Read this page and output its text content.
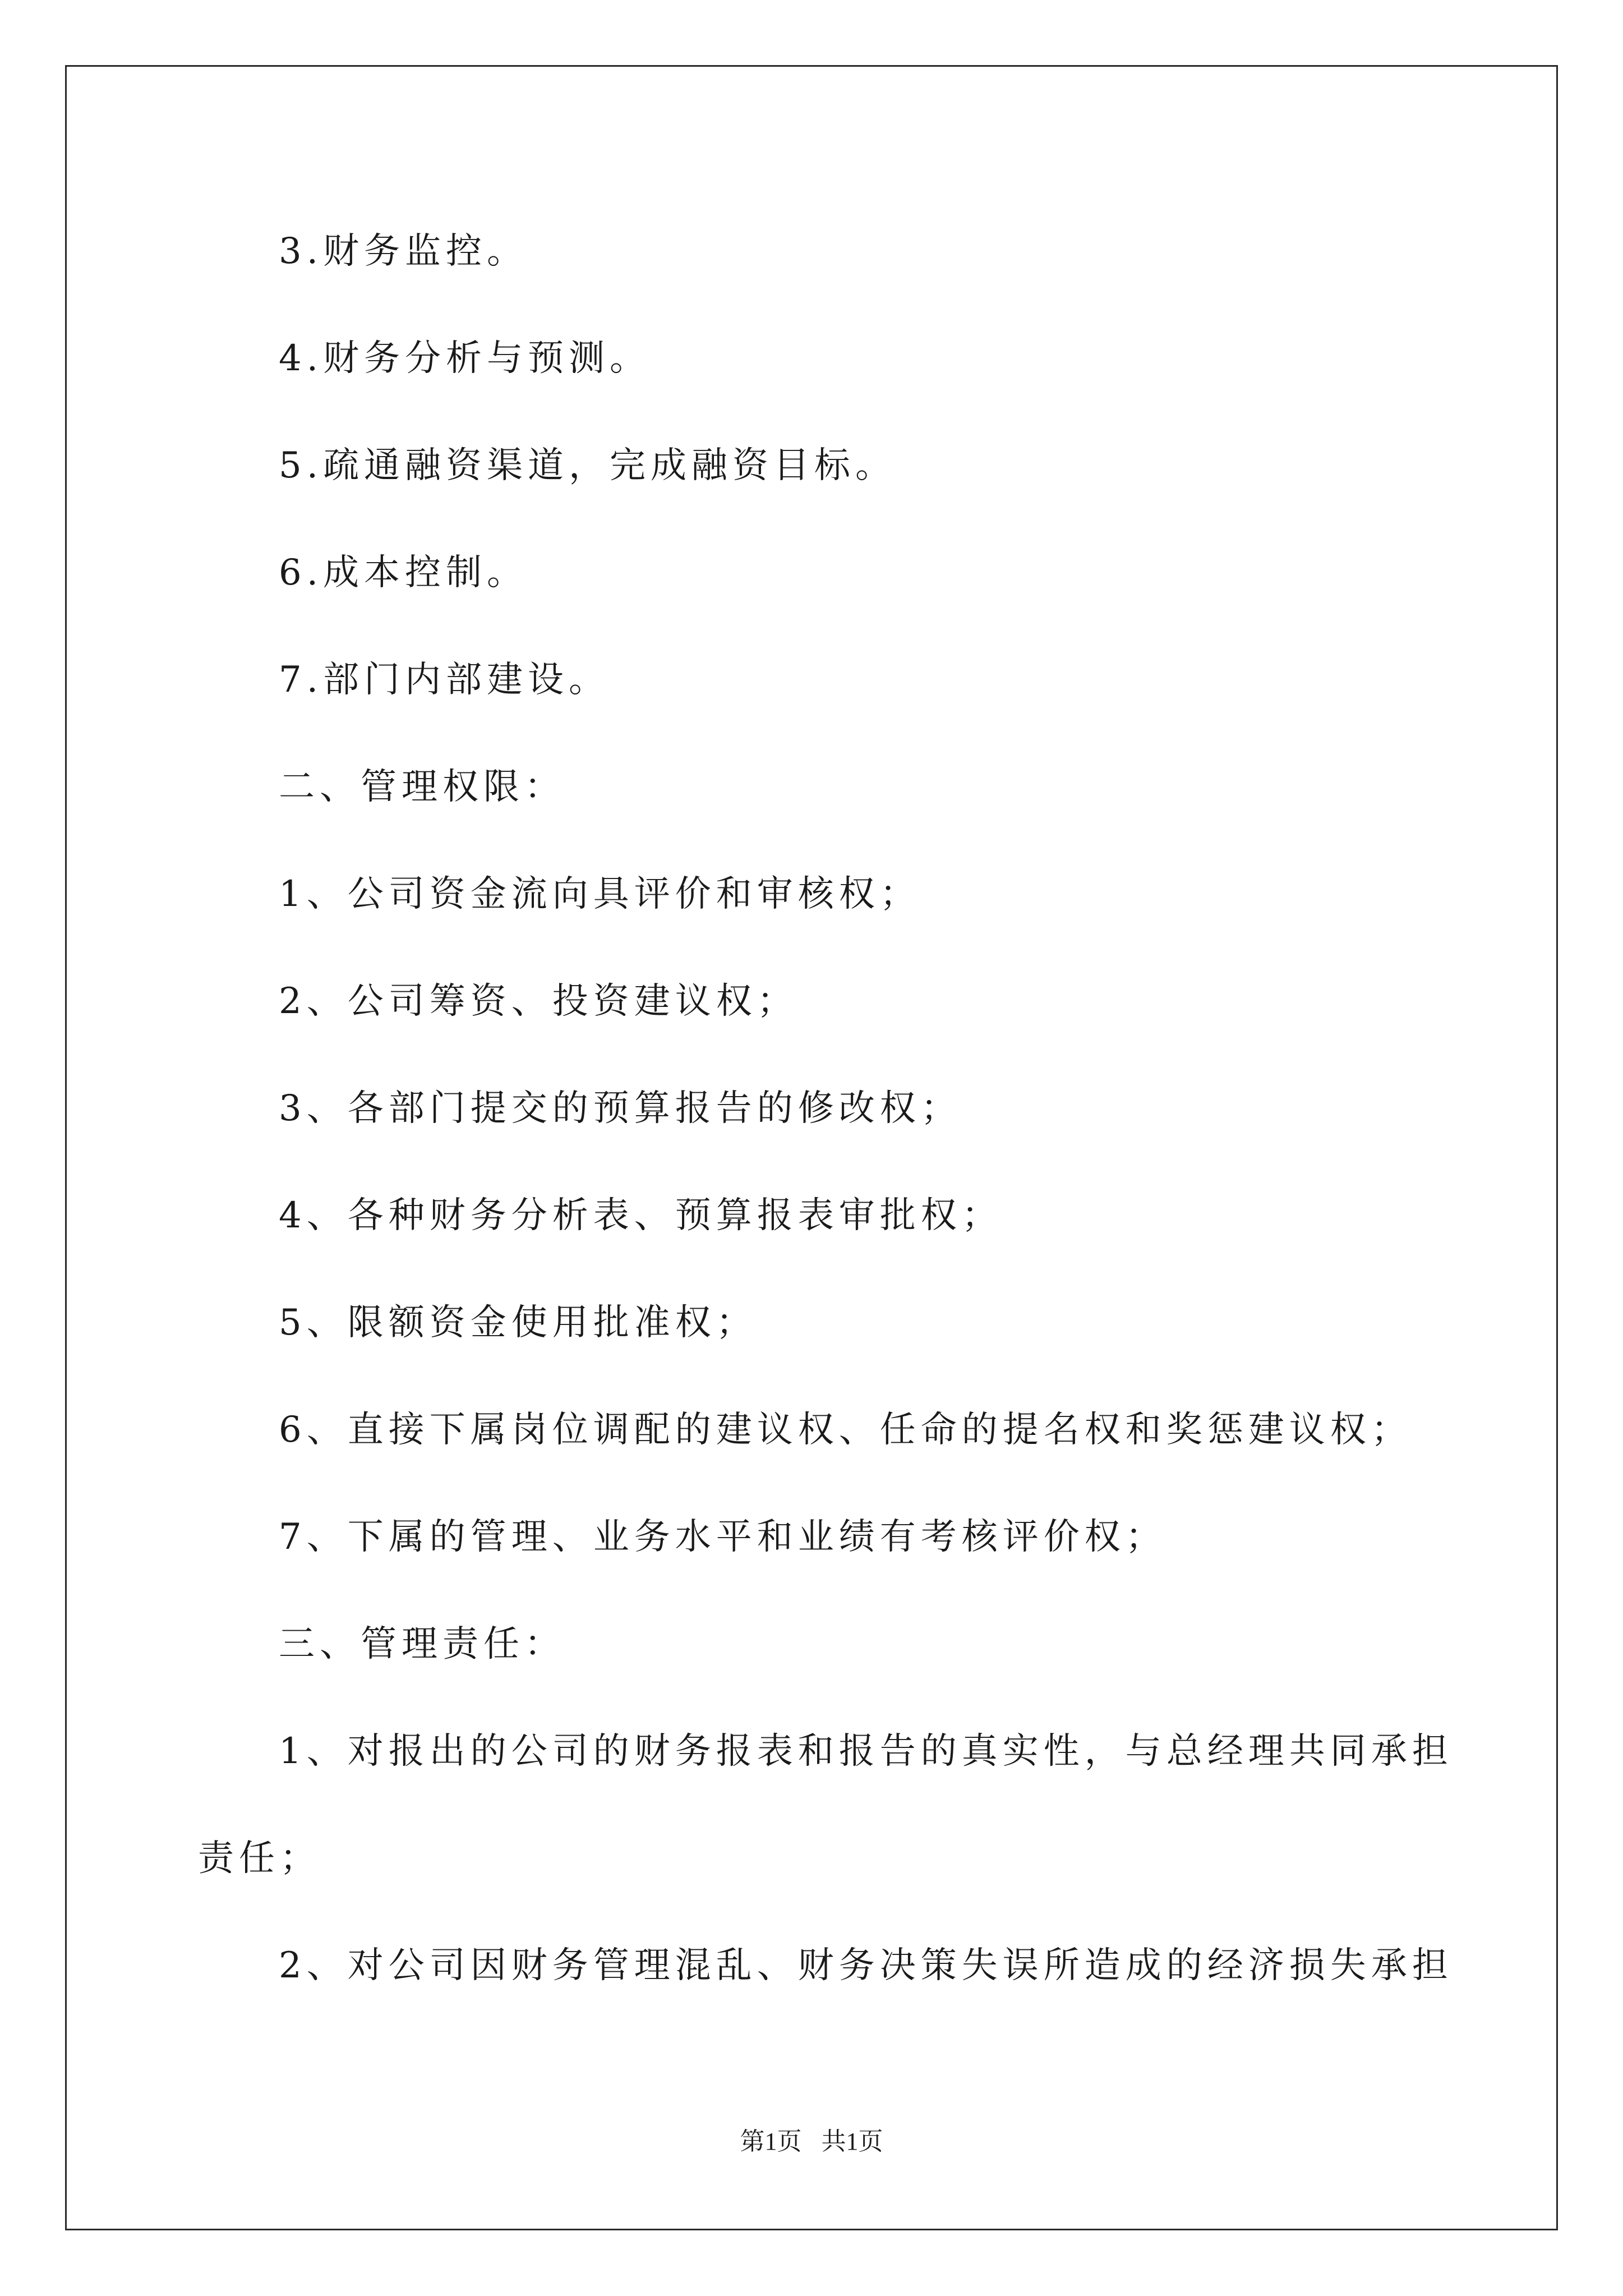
3.财务监控。
4.财务分析与预测。
5.疏通融资渠道，完成融资目标。
6.成本控制。
7.部门内部建设。
二、管理权限：
1、公司资金流向具评价和审核权；
2、公司筹资、投资建议权；
3、各部门提交的预算报告的修改权；
4、各种财务分析表、预算报表审批权；
5、限额资金使用批准权；
6、直接下属岗位调配的建议权、任命的提名权和奖惩建议权；
7、下属的管理、业务水平和业绩有考核评价权；
三、管理责任：
1、对报出的公司的财务报表和报告的真实性，与总经理共同承担
责任；
2、对公司因财务管理混乱、财务决策失误所造成的经济损失承担
第1页 共1页
